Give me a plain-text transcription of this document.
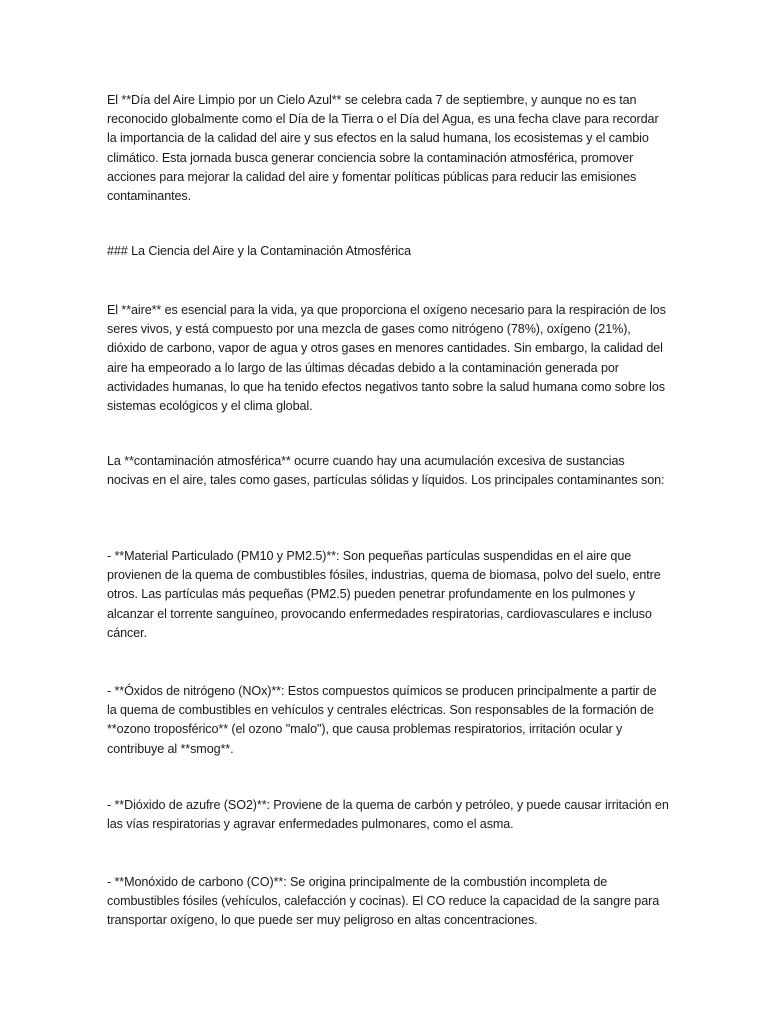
El **Día del Aire Limpio por un Cielo Azul** se celebra cada 7 de septiembre, y aunque no es tan reconocido globalmente como el Día de la Tierra o el Día del Agua, es una fecha clave para recordar la importancia de la calidad del aire y sus efectos en la salud humana, los ecosistemas y el cambio climático. Esta jornada busca generar conciencia sobre la contaminación atmosférica, promover acciones para mejorar la calidad del aire y fomentar políticas públicas para reducir las emisiones contaminantes.

### La Ciencia del Aire y la Contaminación Atmosférica

El **aire** es esencial para la vida, ya que proporciona el oxígeno necesario para la respiración de los seres vivos, y está compuesto por una mezcla de gases como nitrógeno (78%), oxígeno (21%), dióxido de carbono, vapor de agua y otros gases en menores cantidades. Sin embargo, la calidad del aire ha empeorado a lo largo de las últimas décadas debido a la contaminación generada por actividades humanas, lo que ha tenido efectos negativos tanto sobre la salud humana como sobre los sistemas ecológicos y el clima global.

La **contaminación atmosférica** ocurre cuando hay una acumulación excesiva de sustancias nocivas en el aire, tales como gases, partículas sólidas y líquidos. Los principales contaminantes son:

- **Material Particulado (PM10 y PM2.5)**: Son pequeñas partículas suspendidas en el aire que provienen de la quema de combustibles fósiles, industrias, quema de biomasa, polvo del suelo, entre otros. Las partículas más pequeñas (PM2.5) pueden penetrar profundamente en los pulmones y alcanzar el torrente sanguíneo, provocando enfermedades respiratorias, cardiovasculares e incluso cáncer.

- **Óxidos de nitrógeno (NOx)**: Estos compuestos químicos se producen principalmente a partir de la quema de combustibles en vehículos y centrales eléctricas. Son responsables de la formación de **ozono troposférico** (el ozono "malo"), que causa problemas respiratorios, irritación ocular y contribuye al **smog**.

- **Dióxido de azufre (SO2)**: Proviene de la quema de carbón y petróleo, y puede causar irritación en las vías respiratorias y agravar enfermedades pulmonares, como el asma.

- **Monóxido de carbono (CO)**: Se origina principalmente de la combustión incompleta de combustibles fósiles (vehículos, calefacción y cocinas). El CO reduce la capacidad de la sangre para transportar oxígeno, lo que puede ser muy peligroso en altas concentraciones.
